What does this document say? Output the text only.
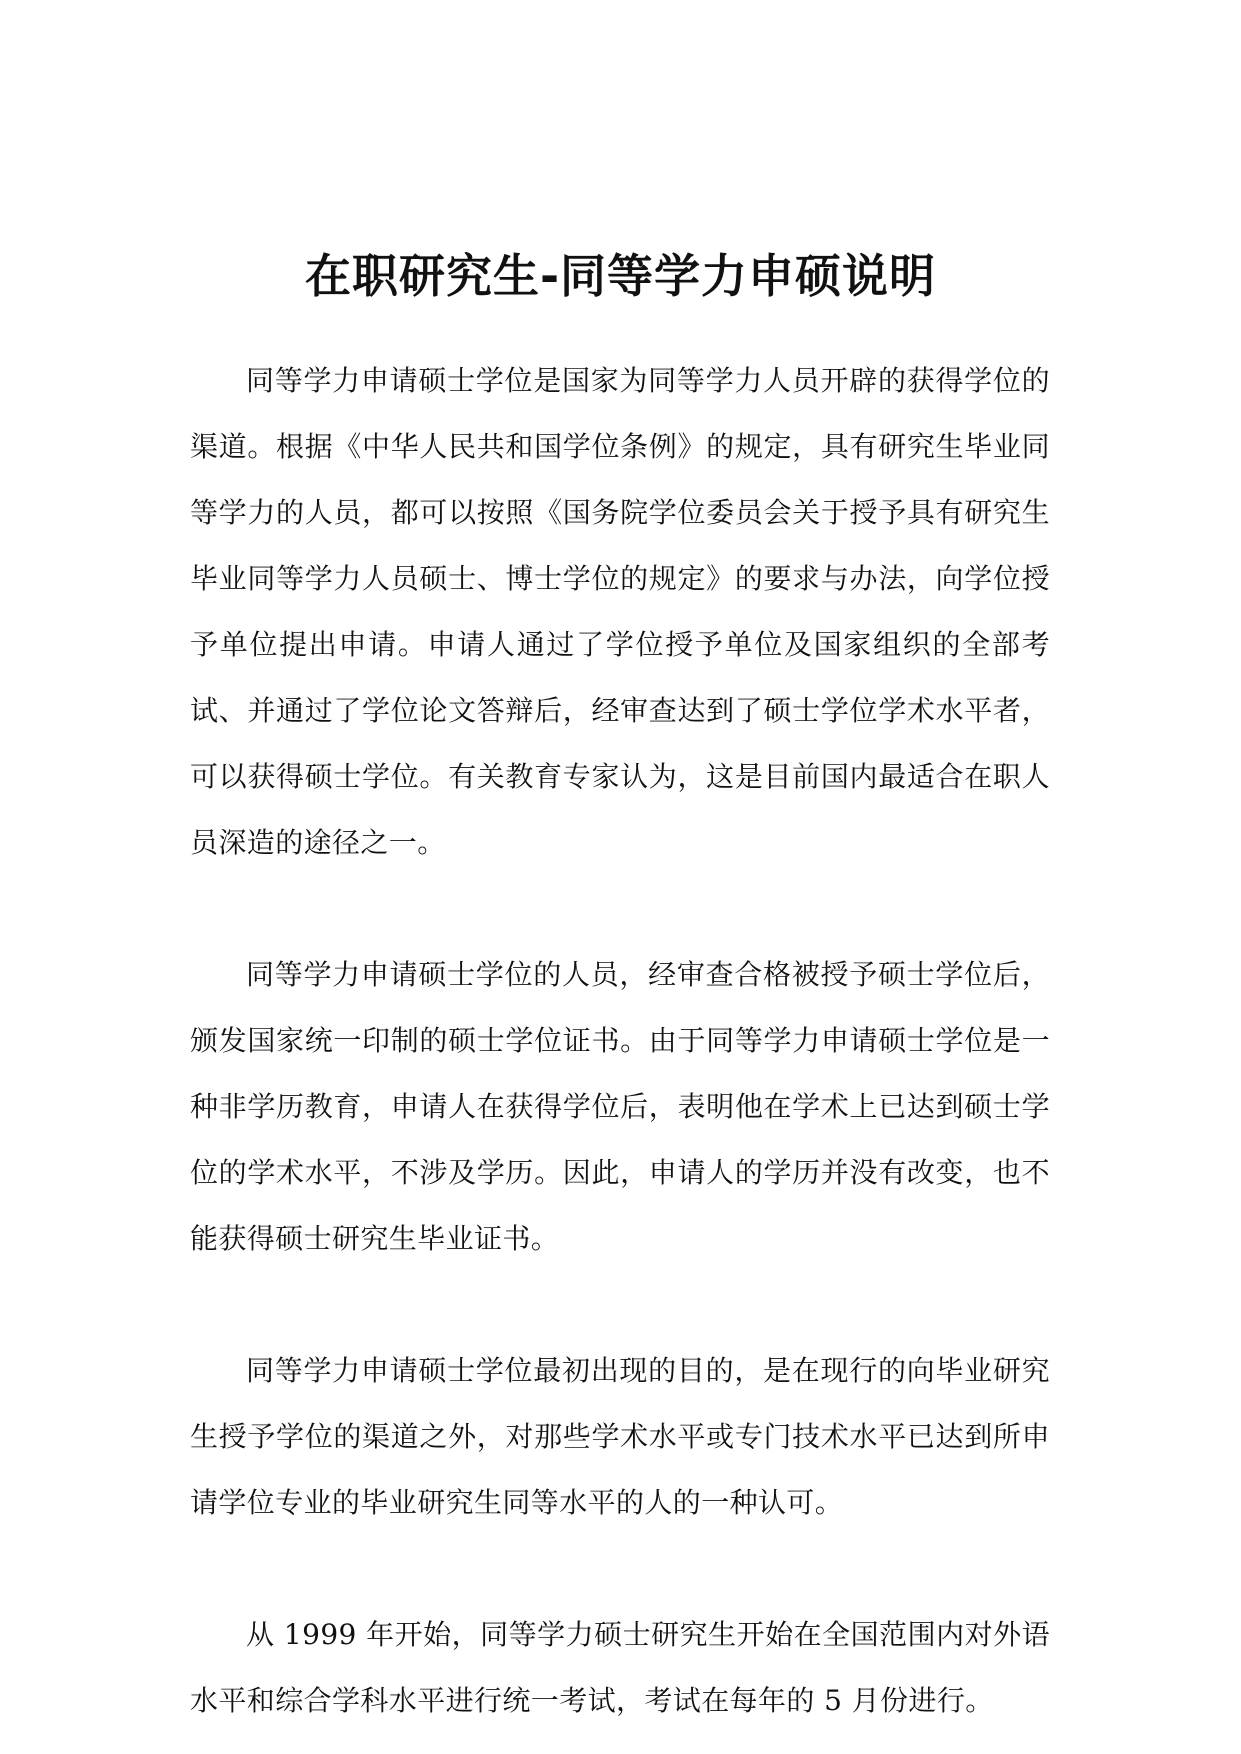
在职研究生-同等学力申硕说明

同等学力申请硕士学位是国家为同等学力人员开辟的获得学位的渠道。根据《中华人民共和国学位条例》的规定，具有研究生毕业同等学力的人员，都可以按照《国务院学位委员会关于授予具有研究生毕业同等学力人员硕士、博士学位的规定》的要求与办法，向学位授予单位提出申请。申请人通过了学位授予单位及国家组织的全部考试、并通过了学位论文答辩后，经审查达到了硕士学位学术水平者，可以获得硕士学位。有关教育专家认为，这是目前国内最适合在职人员深造的途径之一。

同等学力申请硕士学位的人员，经审查合格被授予硕士学位后，颁发国家统一印制的硕士学位证书。由于同等学力申请硕士学位是一种非学历教育，申请人在获得学位后，表明他在学术上已达到硕士学位的学术水平，不涉及学历。因此，申请人的学历并没有改变，也不能获得硕士研究生毕业证书。

同等学力申请硕士学位最初出现的目的，是在现行的向毕业研究生授予学位的渠道之外，对那些学术水平或专门技术水平已达到所申请学位专业的毕业研究生同等水平的人的一种认可。

从 1999 年开始，同等学力硕士研究生开始在全国范围内对外语水平和综合学科水平进行统一考试，考试在每年的 5 月份进行。
